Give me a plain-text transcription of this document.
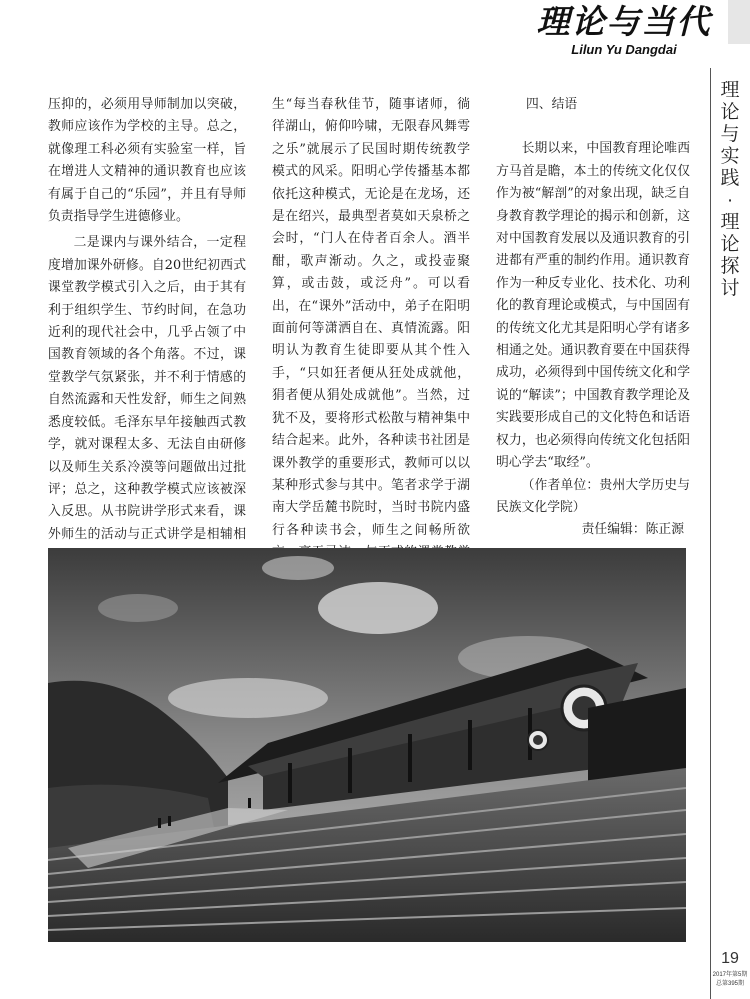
理论与当代
Lilun Yu Dangdai
理
论
与
实
践
·
理
论
探
讨

压抑的，必须用导师制加以突破，教师应该作为学校的主导。总之，就像理工科必须有实验室一样，旨在增进人文精神的通识教育也应该有属于自己的“乐园”，并且有导师负责指导学生进德修业。

二是课内与课外结合，一定程度增加课外研修。自20世纪初西式课堂教学模式引入之后，由于其有利于组织学生、节约时间，在急功近利的现代社会中，几乎占领了中国教育领域的各个角落。不过，课堂教学气氛紧张，并不利于情感的自然流露和天性发舒，师生之间熟悉度较低。毛泽东早年接触西式教学，就对课程太多、无法自由研修以及师生关系冷漠等问题做出过批评；总之，这种教学模式应该被深入反思。从书院讲学形式来看，课外师生的活动与正式讲学是相辅相

生“每当春秋佳节，随事诸师，徜徉湖山，俯仰吟啸，无限春风舞雩之乐”就展示了民国时期传统教学模式的风采。阳明心学传播基本都依托这种模式，无论是在龙场，还是在绍兴，最典型者莫如天泉桥之会时，“门人在侍者百余人。酒半酣，歌声渐动。久之，或投壶聚算，或击鼓，或泛舟”。可以看出，在“课外”活动中，弟子在阳明面前何等潇洒自在、真情流露。阳明认为教育生徒即要从其个性入手，“只如狂者便从狂处成就他，狷者便从狷处成就他”。当然，过犹不及，要将形式松散与精神集中结合起来。此外，各种读书社团是课外教学的重要形式，教师可以以某种形式参与其中。笔者求学于湖南大学岳麓书院时，当时书院内盛行各种读书会，师生之间畅所欲

四、结语

长期以来，中国教育理论唯西方马首是瞻，本土的传统文化仅仅作为被“解剖”的对象出现，缺乏自身教育教学理论的揭示和创新，这对中国教育发展以及通识教育的引进都有严重的制约作用。通识教育作为一种反专业化、技术化、功利化的教育理论或模式，与中国固有的传统文化尤其是阳明心学有诸多相通之处。通识教育要在中国获得成功，必须得到中国传统文化和学说的“解读”；中国教育教学理论及实践要形成自己的文化特色和话语权力，也必须得向传统文化包括阳明心学去“取经”。

（作者单位：贵州大学历史与民族文化学院）

责任编辑：陈正源

19
2017年第5期
总第395期
